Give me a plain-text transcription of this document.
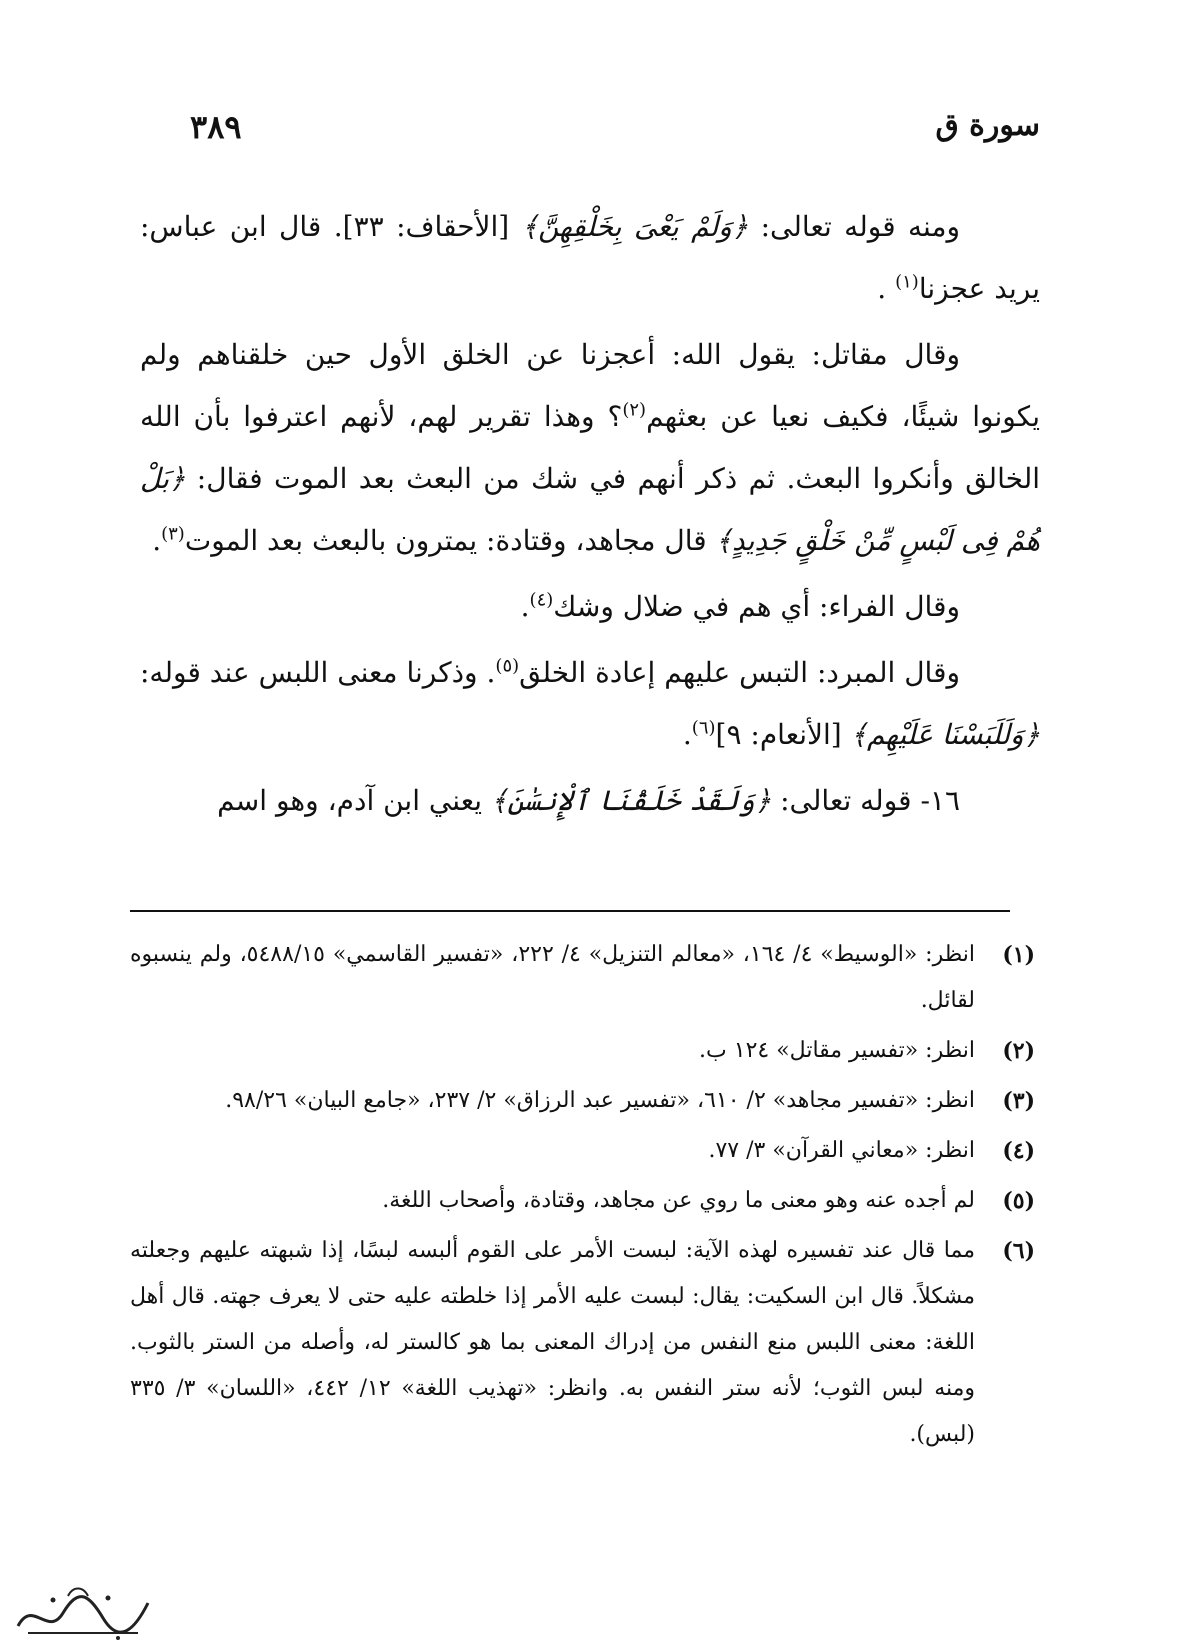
سورة ق
٣٨٩

ومنه قوله تعالى: ﴿وَلَمْ يَعْىَ بِخَلْقِهِنَّ﴾ [الأحقاف: ٣٣]. قال ابن عباس: يريد عجزنا$^{(١)}$ .

وقال مقاتل: يقول الله: أعجزنا عن الخلق الأول حين خلقناهم ولم يكونوا شيئًا، فكيف نعيا عن بعثهم$^{(٢)}$؟ وهذا تقرير لهم، لأنهم اعترفوا بأن الله الخالق وأنكروا البعث. ثم ذكر أنهم في شك من البعث بعد الموت فقال: ﴿بَلْ هُمْ فِى لَبْسٍ مِّنْ خَلْقٍ جَدِيدٍ﴾ قال مجاهد، وقتادة: يمترون بالبعث بعد الموت$^{(٣)}$.

وقال الفراء: أي هم في ضلال وشك$^{(٤)}$.

وقال المبرد: التبس عليهم إعادة الخلق$^{(٥)}$. وذكرنا معنى اللبس عند قوله: ﴿وَلَلَبَسْنَا عَلَيْهِم﴾ [الأنعام: ٩]$^{(٦)}$.

١٦- قوله تعالى: ﴿وَلَقَدْ خَلَقْنَا ٱلْإِنسَٰنَ﴾ يعني ابن آدم، وهو اسم

(١)
انظر: «الوسيط» ٤/ ١٦٤، «معالم التنزيل» ٤/ ٢٢٢، «تفسير القاسمي» ٥٤٨٨/١٥، ولم ينسبوه لقائل.
(٢)
انظر: «تفسير مقاتل» ١٢٤ ب.
(٣)
انظر: «تفسير مجاهد» ٢/ ٦١٠، «تفسير عبد الرزاق» ٢/ ٢٣٧، «جامع البيان» ٩٨/٢٦.
(٤)
انظر: «معاني القرآن» ٣/ ٧٧.
(٥)
لم أجده عنه وهو معنى ما روي عن مجاهد، وقتادة، وأصحاب اللغة.
(٦)
مما قال عند تفسيره لهذه الآية: لبست الأمر على القوم ألبسه لبسًا، إذا شبهته عليهم وجعلته مشكلاً. قال ابن السكيت: يقال: لبست عليه الأمر إذا خلطته عليه حتى لا يعرف جهته. قال أهل اللغة: معنى اللبس منع النفس من إدراك المعنى بما هو كالستر له، وأصله من الستر بالثوب. ومنه لبس الثوب؛ لأنه ستر النفس به. وانظر: «تهذيب اللغة» ١٢/ ٤٤٢، «اللسان» ٣/ ٣٣٥ (لبس).
